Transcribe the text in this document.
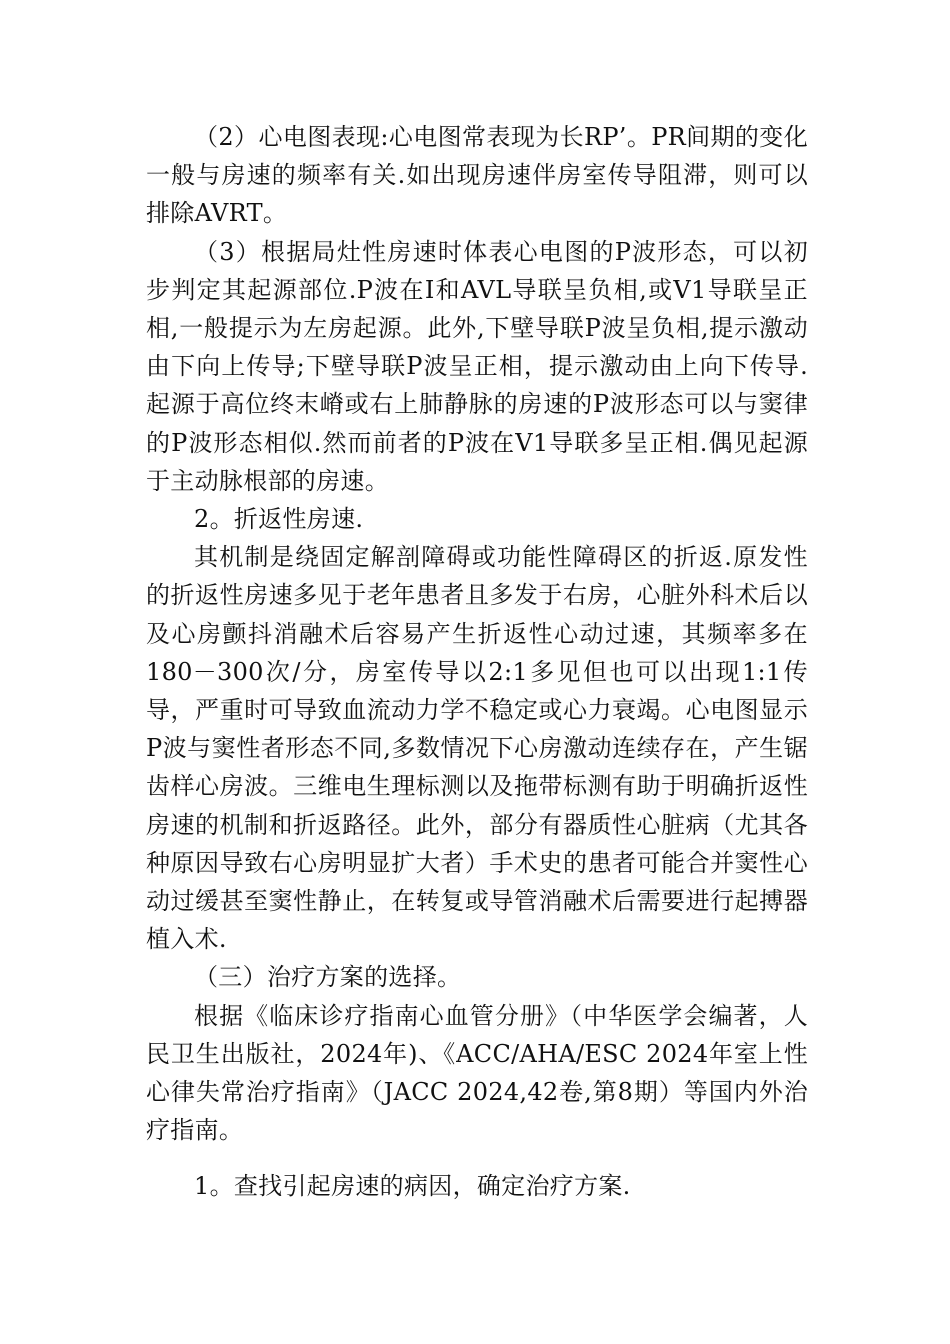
（2）心电图表现:心电图常表现为长RP’。PR间期的变化一般与房速的频率有关.如出现房速伴房室传导阻滞，则可以排除AVRT。

（3）根据局灶性房速时体表心电图的P波形态，可以初步判定其起源部位.P波在I和AVL导联呈负相,或V1导联呈正相,一般提示为左房起源。此外,下壁导联P波呈负相,提示激动由下向上传导;下壁导联P波呈正相，提示激动由上向下传导.起源于高位终末嵴或右上肺静脉的房速的P波形态可以与窦律的P波形态相似.然而前者的P波在V1导联多呈正相.偶见起源于主动脉根部的房速。

2。折返性房速.

其机制是绕固定解剖障碍或功能性障碍区的折返.原发性的折返性房速多见于老年患者且多发于右房，心脏外科术后以及心房颤抖消融术后容易产生折返性心动过速，其频率多在180－300次/分，房室传导以2:1多见但也可以出现1:1传导，严重时可导致血流动力学不稳定或心力衰竭。心电图显示P波与窦性者形态不同,多数情况下心房激动连续存在，产生锯齿样心房波。三维电生理标测以及拖带标测有助于明确折返性房速的机制和折返路径。此外，部分有器质性心脏病（尤其各种原因导致右心房明显扩大者）手术史的患者可能合并窦性心动过缓甚至窦性静止，在转复或导管消融术后需要进行起搏器植入术.

（三）治疗方案的选择。

根据《临床诊疗指南心血管分册》（中华医学会编著，人民卫生出版社，2024年)、《ACC/AHA/ESC 2024年室上性心律失常治疗指南》（JACC 2024,42卷,第8期）等国内外治疗指南。

1。查找引起房速的病因，确定治疗方案.
